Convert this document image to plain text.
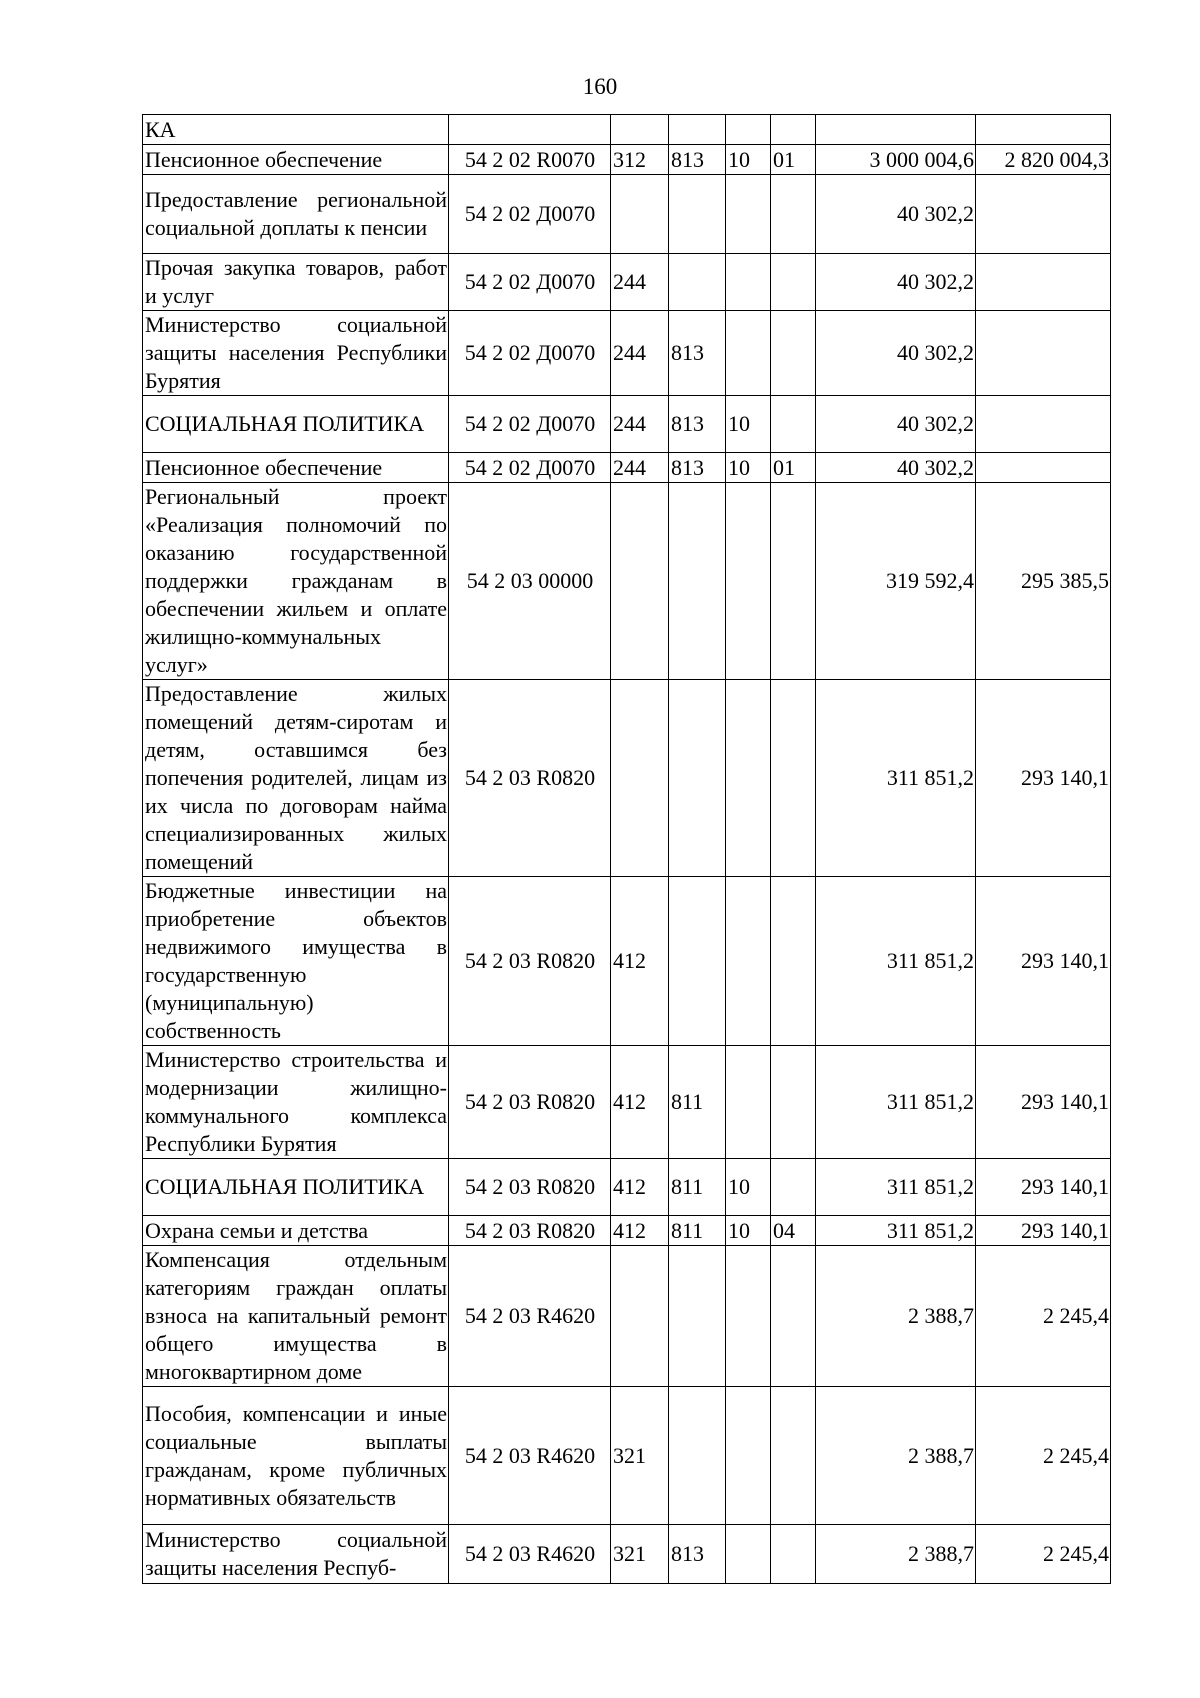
160
КА							
Пенсионное обеспечение	54 2 02 R0070	312	813	10	01	3 000 004,6	2 820 004,3
Предоставление региональной социальной доплаты к пенсии	54 2 02 Д0070					40 302,2	
Прочая закупка товаров, работ и услуг	54 2 02 Д0070	244				40 302,2	
Министерство социальной защиты населения Республики Бурятия	54 2 02 Д0070	244	813			40 302,2	
СОЦИАЛЬНАЯ ПОЛИТИКА	54 2 02 Д0070	244	813	10		40 302,2	
Пенсионное обеспечение	54 2 02 Д0070	244	813	10	01	40 302,2	
Региональный проект «Реализация полномочий по оказанию государственной поддержки гражданам в обеспечении жильем и оплате жилищно-коммунальных услуг»	54 2 03 00000					319 592,4	295 385,5
Предоставление жилых помещений детям-сиротам и детям, оставшимся без попечения родителей, лицам из их числа по договорам найма специализированных жилых помещений	54 2 03 R0820					311 851,2	293 140,1
Бюджетные инвестиции на приобретение объектов недвижимого имущества в государственную (муниципальную) собственность	54 2 03 R0820	412				311 851,2	293 140,1
Министерство строительства и модернизации жилищно-коммунального комплекса Республики Бурятия	54 2 03 R0820	412	811			311 851,2	293 140,1
СОЦИАЛЬНАЯ ПОЛИТИКА	54 2 03 R0820	412	811	10		311 851,2	293 140,1
Охрана семьи и детства	54 2 03 R0820	412	811	10	04	311 851,2	293 140,1
Компенсация отдельным категориям граждан оплаты взноса на капитальный ремонт общего имущества в многоквартирном доме	54 2 03 R4620					2 388,7	2 245,4
Пособия, компенсации и иные социальные выплаты гражданам, кроме публичных нормативных обязательств	54 2 03 R4620	321				2 388,7	2 245,4
Министерство социальной защиты населения Респуб-	54 2 03 R4620	321	813			2 388,7	2 245,4
